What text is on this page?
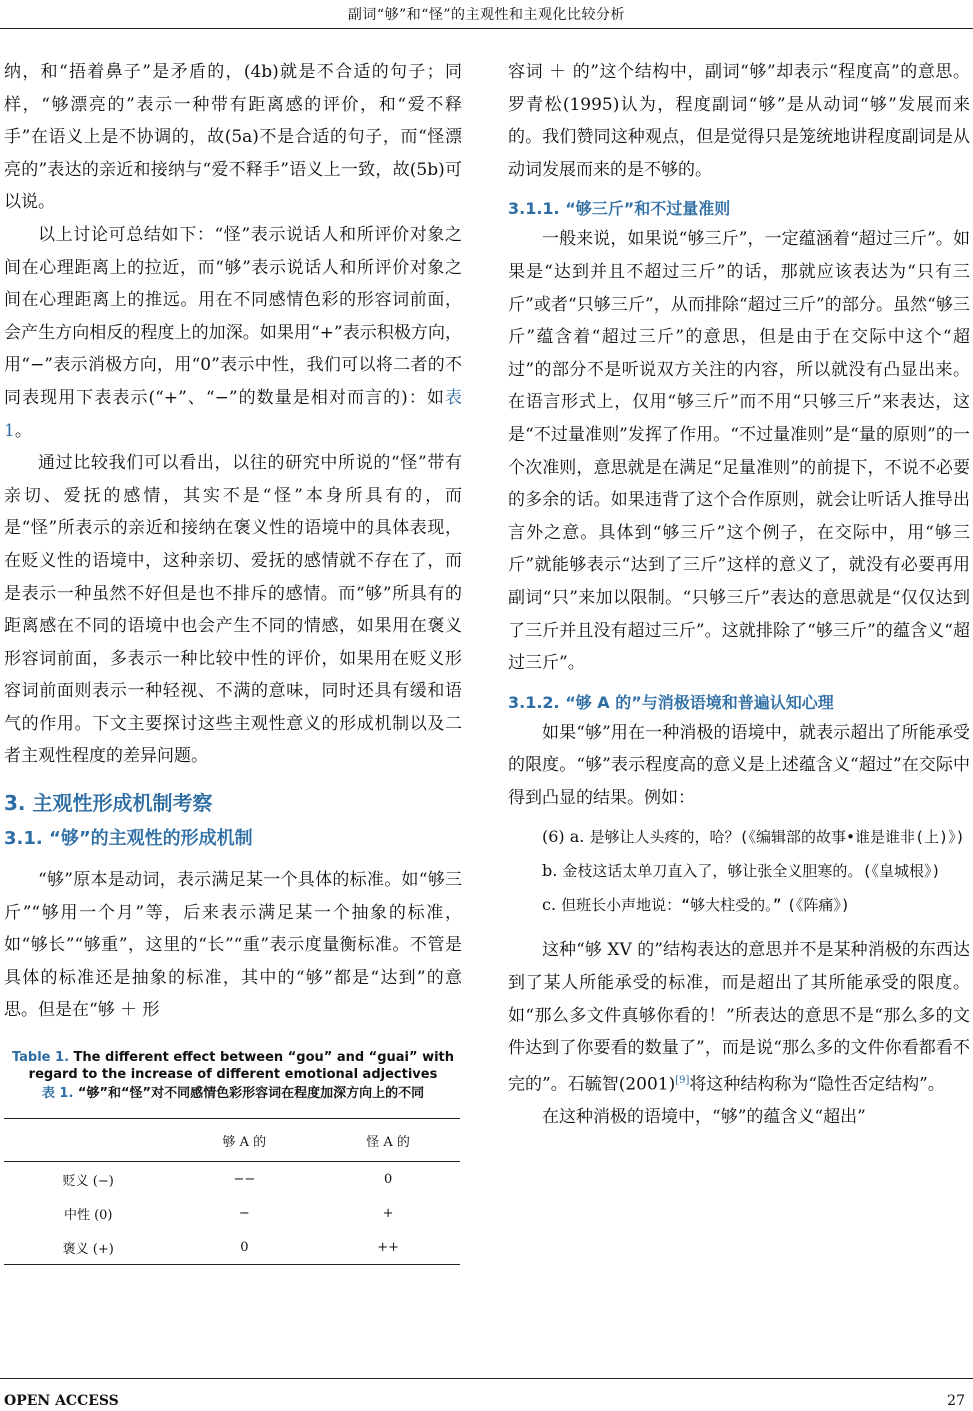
副词“够”和“怪”的主观性和主观化比较分析

纳，和“捂着鼻子”是矛盾的，(4b)就是不合适的句子；同样，“够漂亮的”表示一种带有距离感的评价，和“爱不释手”在语义上是不协调的，故(5a)不是合适的句子，而“怪漂亮的”表达的亲近和接纳与“爱不释手”语义上一致，故(5b)可以说。

以上讨论可总结如下：“怪”表示说话人和所评价对象之间在心理距离上的拉近，而“够”表示说话人和所评价对象之间在心理距离上的推远。用在不同感情色彩的形容词前面，会产生方向相反的程度上的加深。如果用“+”表示积极方向，用“−”表示消极方向，用“0”表示中性，我们可以将二者的不同表现用下表表示(“+”、“−”的数量是相对而言的)：如表 1。

通过比较我们可以看出，以往的研究中所说的“怪”带有亲切、爱抚的感情，其实不是“怪”本身所具有的，而是“怪”所表示的亲近和接纳在褒义性的语境中的具体表现，在贬义性的语境中，这种亲切、爱抚的感情就不存在了，而是表示一种虽然不好但是也不排斥的感情。而“够”所具有的距离感在不同的语境中也会产生不同的情感，如果用在褒义形容词前面，多表示一种比较中性的评价，如果用在贬义形容词前面则表示一种轻视、不满的意味，同时还具有缓和语气的作用。下文主要探讨这些主观性意义的形成机制以及二者主观性程度的差异问题。

3. 主观性形成机制考察
3.1. “够”的主观性的形成机制

“够”原本是动词，表示满足某一个具体的标准。如“够三斤”“够用一个月”等，后来表示满足某一个抽象的标准，如“够长”“够重”，这里的“长”“重”表示度量衡标准。不管是具体的标准还是抽象的标准，其中的“够”都是“达到”的意思。但是在“够 ＋ 形

Table 1. The different effect between “gou” and “guai” with regard to the increase of different emotional adjectives
表 1. “够”和“怪”对不同感情色彩形容词在程度加深方向上的不同
	够 A 的	怪 A 的
贬义 (−)	−−	0
中性 (0)	−	+
褒义 (+)	0	++

容词 ＋ 的”这个结构中，副词“够”却表示“程度高”的意思。罗青松(1995)认为，程度副词“够”是从动词“够”发展而来的。我们赞同这种观点，但是觉得只是笼统地讲程度副词是从动词发展而来的是不够的。

3.1.1. “够三斤”和不过量准则

一般来说，如果说“够三斤”，一定蕴涵着“超过三斤”。如果是“达到并且不超过三斤”的话，那就应该表达为“只有三斤”或者“只够三斤”，从而排除“超过三斤”的部分。虽然“够三斤”蕴含着“超过三斤”的意思，但是由于在交际中这个“超过”的部分不是听说双方关注的内容，所以就没有凸显出来。在语言形式上，仅用“够三斤”而不用“只够三斤”来表达，这是“不过量准则”发挥了作用。“不过量准则”是“量的原则”的一个次准则，意思就是在满足“足量准则”的前提下，不说不必要的多余的话。如果违背了这个合作原则，就会让听话人推导出言外之意。具体到“够三斤”这个例子，在交际中，用“够三斤”就能够表示“达到了三斤”这样的意义了，就没有必要再用副词“只”来加以限制。“只够三斤”表达的意思就是“仅仅达到了三斤并且没有超过三斤”。这就排除了“够三斤”的蕴含义“超过三斤”。

3.1.2. “够 A 的”与消极语境和普遍认知心理

如果“够”用在一种消极的语境中，就表示超出了所能承受的限度。“够”表示程度高的意义是上述蕴含义“超过”在交际中得到凸显的结果。例如：

(6) a. 是够让人头疼的，哈？(《编辑部的故事•谁是谁非(上)》)

b. 金枝这话太单刀直入了，够让张全义胆寒的。(《皇城根》)

c. 但班长小声地说：“够大柱受的。” (《阵痛》)

这种“够 XV 的”结构表达的意思并不是某种消极的东西达到了某人所能承受的标准，而是超出了其所能承受的限度。如“那么多文件真够你看的！”所表达的意思不是“那么多的文件达到了你要看的数量了”，而是说“那么多的文件你看都看不完的”。石毓智(2001)[9]将这种结构称为“隐性否定结构”。

在这种消极的语境中，“够”的蕴含义“超出”

OPEN ACCESS	27
